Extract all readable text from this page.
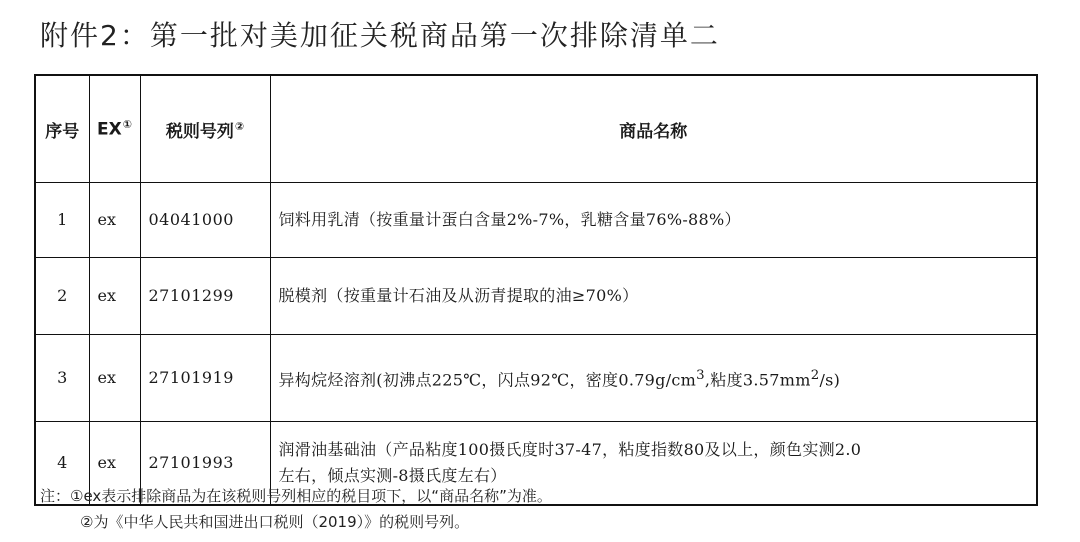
附件2：第一批对美加征关税商品第一次排除清单二
序号	EX①	税则号列②	商品名称
1	ex	04041000	饲料用乳清（按重量计蛋白含量2%-7%，乳糖含量76%-88%）
2	ex	27101299	脱模剂（按重量计石油及从沥青提取的油≥70%）
3	ex	27101919	异构烷烃溶剂(初沸点225℃，闪点92℃，密度$0.79g/cm^3$,粘度$3.57mm^2/s$)
4	ex	27101993	润滑油基础油（产品粘度100摄氏度时37-47，粘度指数80及以上，颜色实测2.0
左右，倾点实测-8摄氏度左右）
注：①ex表示排除商品为在该税则号列相应的税目项下，以“商品名称”为准。
②为《中华人民共和国进出口税则（2019）》的税则号列。
